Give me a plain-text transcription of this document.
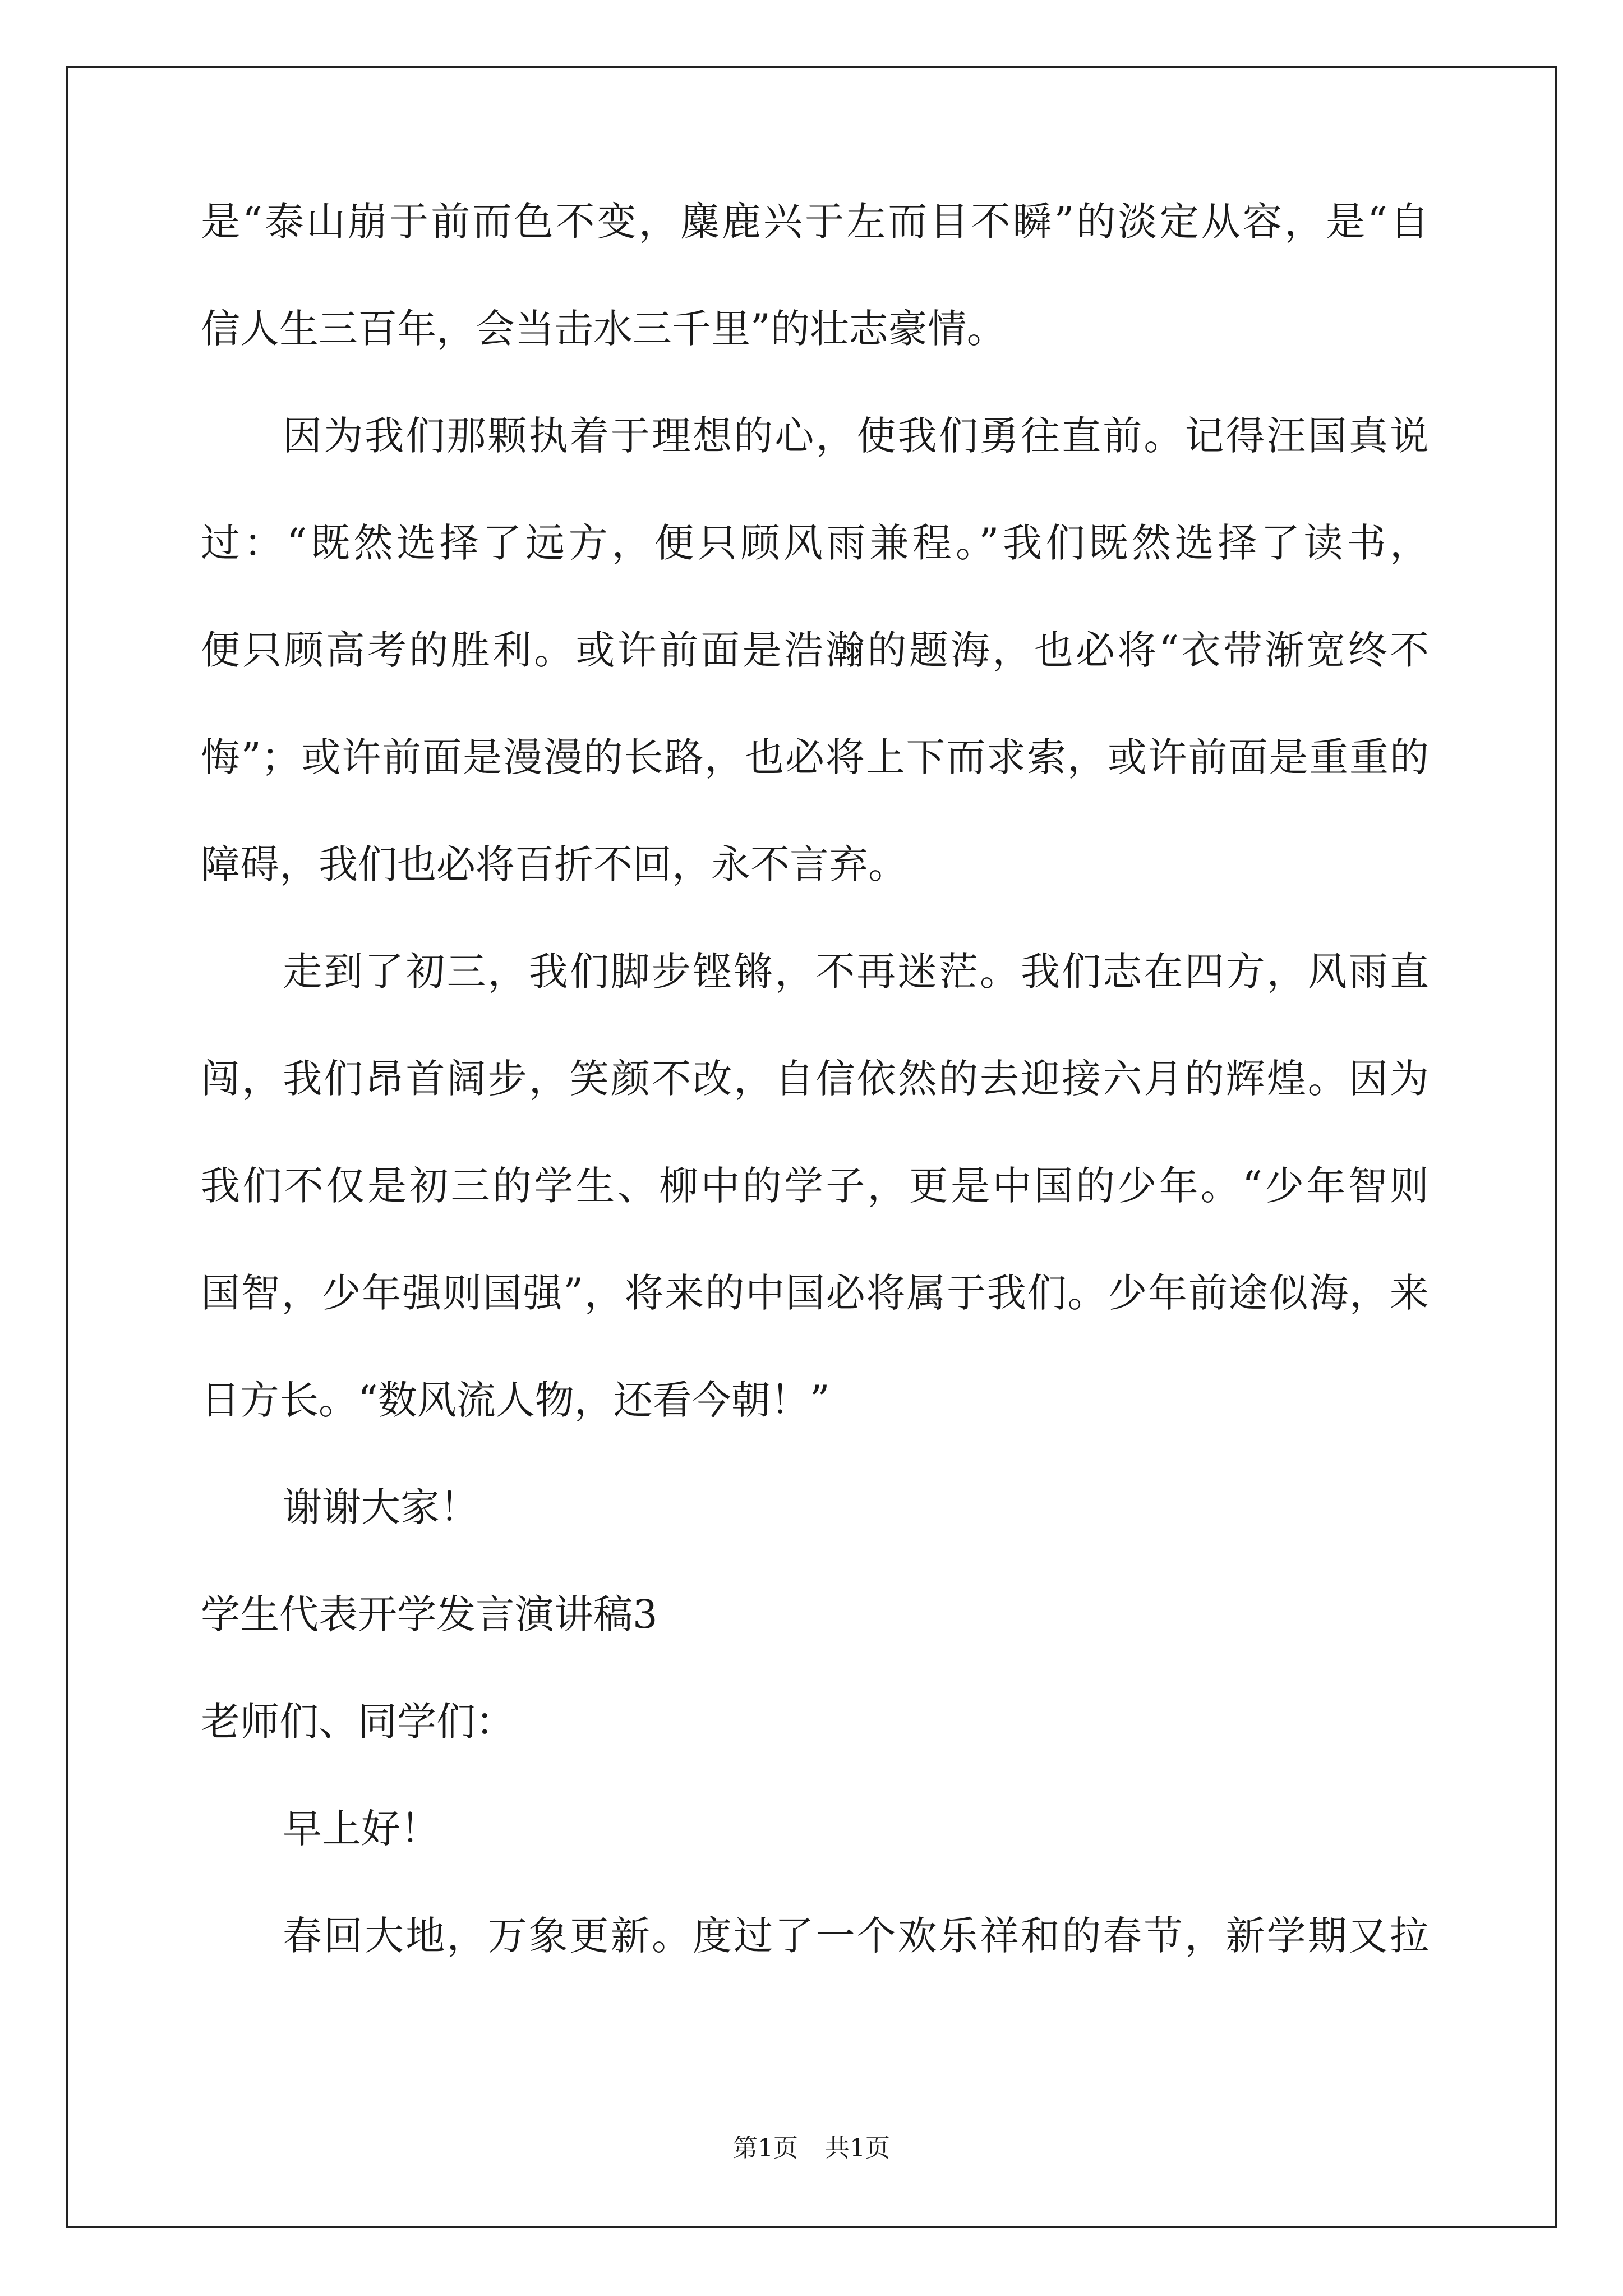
是“泰山崩于前而色不变，麋鹿兴于左而目不瞬”的淡定从容，是“自
信人生三百年，会当击水三千里”的壮志豪情。
因为我们那颗执着于理想的心，使我们勇往直前。记得汪国真说
过：“既然选择了远方，便只顾风雨兼程。”我们既然选择了读书，
便只顾高考的胜利。或许前面是浩瀚的题海，也必将“衣带渐宽终不
悔”；或许前面是漫漫的长路，也必将上下而求索，或许前面是重重的
障碍，我们也必将百折不回，永不言弃。
走到了初三，我们脚步铿锵，不再迷茫。我们志在四方，风雨直
闯，我们昂首阔步，笑颜不改，自信依然的去迎接六月的辉煌。因为
我们不仅是初三的学生、柳中的学子，更是中国的少年。“少年智则
国智，少年强则国强”，将来的中国必将属于我们。少年前途似海，来
日方长。“数风流人物，还看今朝！”
谢谢大家！
学生代表开学发言演讲稿3
老师们、同学们：
早上好！
春回大地，万象更新。度过了一个欢乐祥和的春节，新学期又拉
第1页 共1页
